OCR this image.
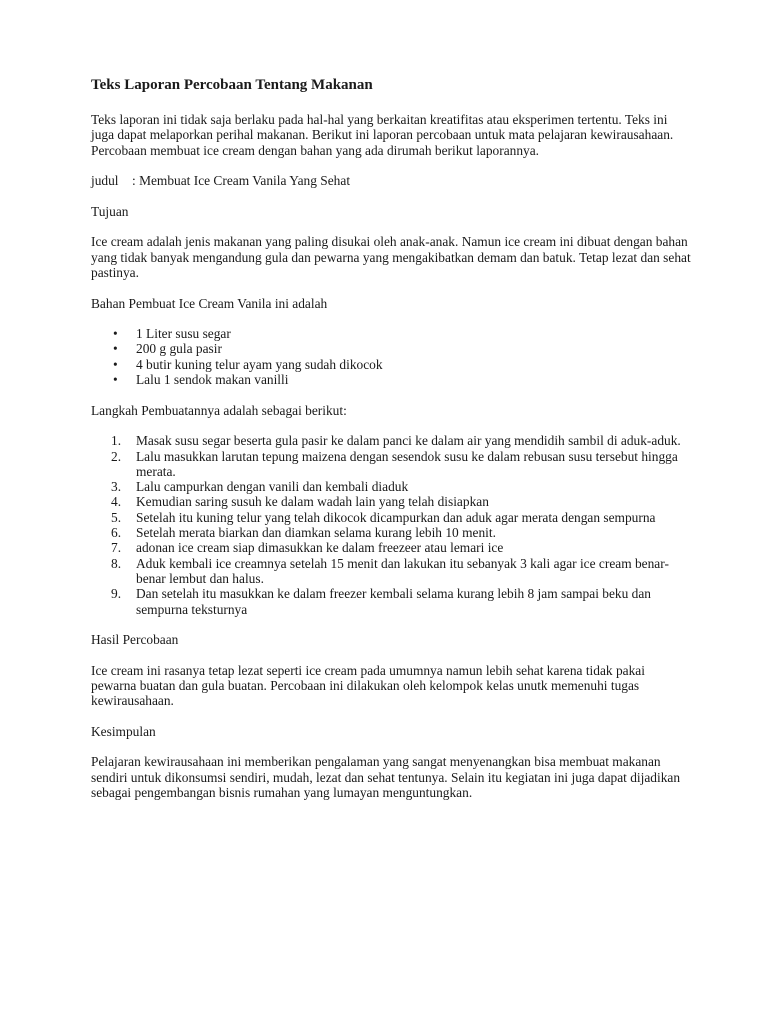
Teks Laporan Percobaan Tentang Makanan

Teks laporan ini tidak saja berlaku pada hal-hal yang berkaitan kreatifitas atau eksperimen tertentu. Teks ini juga dapat melaporkan perihal makanan. Berikut ini laporan percobaan untuk mata pelajaran kewirausahaan. Percobaan membuat ice cream dengan bahan yang ada dirumah berikut laporannya.

judul	: Membuat Ice Cream Vanila Yang Sehat

Tujuan

Ice cream adalah jenis makanan yang paling disukai oleh anak-anak. Namun ice cream ini dibuat dengan bahan yang tidak banyak mengandung gula dan pewarna yang mengakibatkan demam dan batuk. Tetap lezat dan sehat pastinya.

Bahan Pembuat Ice Cream Vanila ini adalah

• 1 Liter susu segar
• 200 g gula pasir
• 4 butir kuning telur ayam yang sudah dikocok
• Lalu 1 sendok makan vanilli

Langkah Pembuatannya adalah sebagai berikut:

1. Masak susu segar beserta gula pasir ke dalam panci ke dalam air yang mendidih sambil di aduk-aduk.
2. Lalu masukkan larutan tepung maizena dengan sesendok susu ke dalam rebusan susu tersebut hingga merata.
3. Lalu campurkan dengan vanili dan kembali diaduk
4. Kemudian saring susuh ke dalam wadah lain yang telah disiapkan
5. Setelah itu kuning telur yang telah dikocok dicampurkan dan aduk agar merata dengan sempurna
6. Setelah merata biarkan dan diamkan selama kurang lebih 10 menit.
7. adonan ice cream siap dimasukkan ke dalam freezeer atau lemari ice
8. Aduk kembali ice creamnya setelah 15 menit dan lakukan itu sebanyak 3 kali agar ice cream benar-benar lembut dan halus.
9. Dan setelah itu masukkan ke dalam freezer kembali selama kurang lebih 8 jam sampai beku dan sempurna teksturnya

Hasil Percobaan

Ice cream ini rasanya tetap lezat seperti ice cream pada umumnya namun lebih sehat karena tidak pakai pewarna buatan dan gula buatan. Percobaan ini dilakukan oleh kelompok kelas unutk memenuhi tugas kewirausahaan.

Kesimpulan

Pelajaran kewirausahaan ini memberikan pengalaman yang sangat menyenangkan bisa membuat makanan sendiri untuk dikonsumsi sendiri, mudah, lezat dan sehat tentunya. Selain itu kegiatan ini juga dapat dijadikan sebagai pengembangan bisnis rumahan yang lumayan menguntungkan.
